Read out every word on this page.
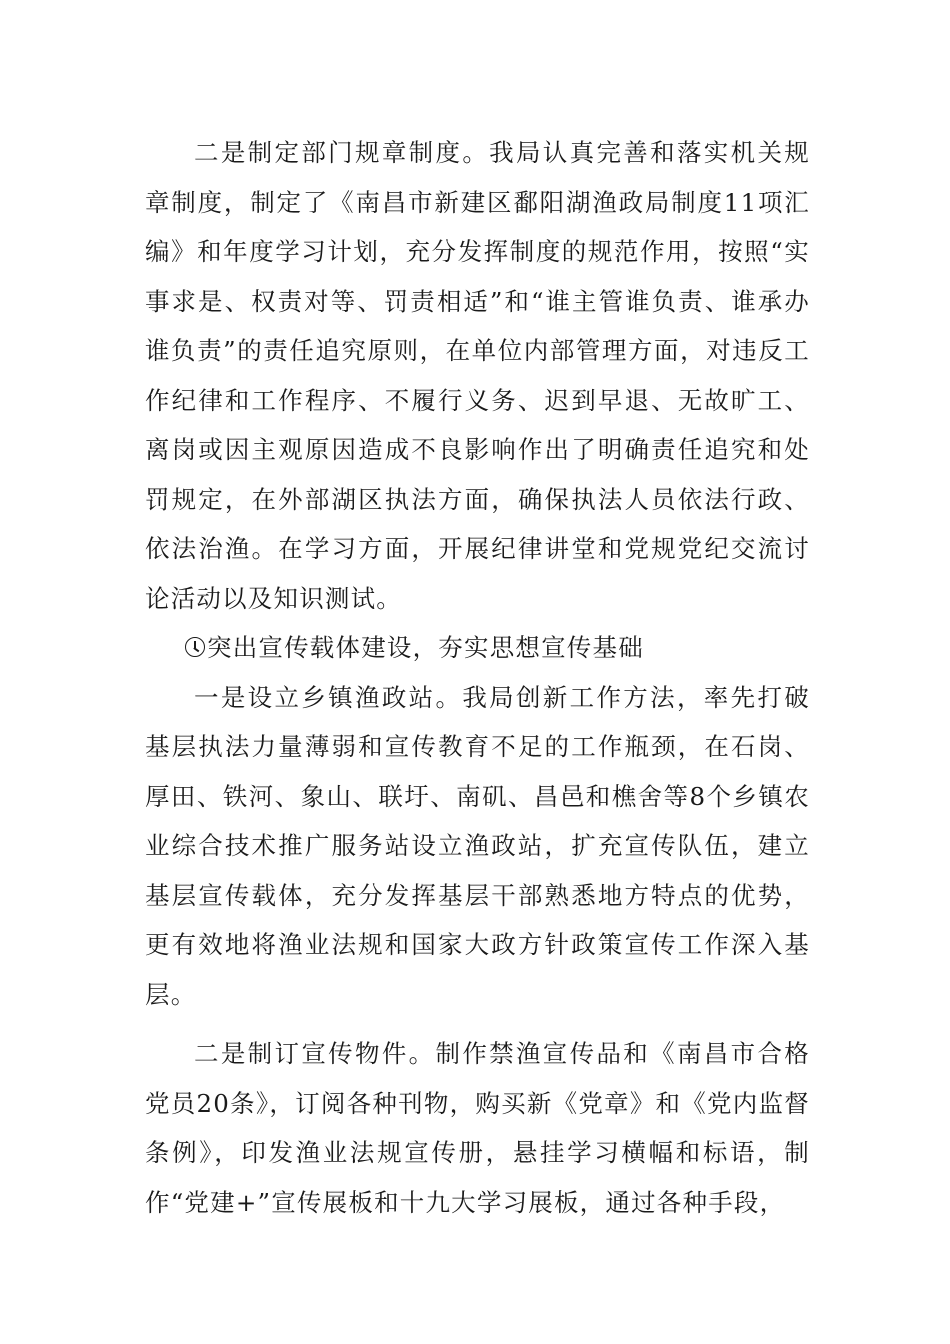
二是制定部门规章制度。我局认真完善和落实机关规章制度，制定了《南昌市新建区鄱阳湖渔政局制度11项汇编》和年度学习计划，充分发挥制度的规范作用，按照“实事求是、权责对等、罚责相适”和“谁主管谁负责、谁承办谁负责”的责任追究原则，在单位内部管理方面，对违反工作纪律和工作程序、不履行义务、迟到早退、无故旷工、离岗或因主观原因造成不良影响作出了明确责任追究和处罚规定，在外部湖区执法方面，确保执法人员依法行政、依法治渔。在学习方面，开展纪律讲堂和党规党纪交流讨论活动以及知识测试。

突出宣传载体建设，夯实思想宣传基础

一是设立乡镇渔政站。我局创新工作方法，率先打破基层执法力量薄弱和宣传教育不足的工作瓶颈，在石岗、厚田、铁河、象山、联圩、南矶、昌邑和樵舍等8个乡镇农业综合技术推广服务站设立渔政站，扩充宣传队伍，建立基层宣传载体，充分发挥基层干部熟悉地方特点的优势，更有效地将渔业法规和国家大政方针政策宣传工作深入基层。

二是制订宣传物件。制作禁渔宣传品和《南昌市合格党员20条》，订阅各种刊物，购买新《党章》和《党内监督条例》，印发渔业法规宣传册，悬挂学习横幅和标语，制作“党建+”宣传展板和十九大学习展板，通过各种手段，
